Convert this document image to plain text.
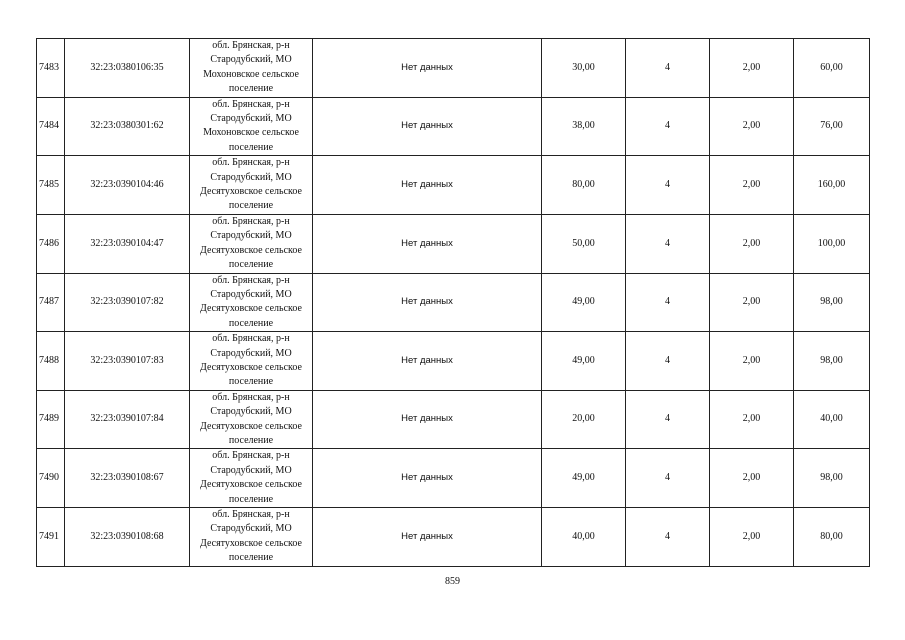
7483	32:23:0380106:35	обл. Брянская, р-н
Стародубский, МО
Мохоновское сельское
поселение	Нет данных	30,00	4	2,00	60,00
7484	32:23:0380301:62	обл. Брянская, р-н
Стародубский, МО
Мохоновское сельское
поселение	Нет данных	38,00	4	2,00	76,00
7485	32:23:0390104:46	обл. Брянская, р-н
Стародубский, МО
Десятуховское сельское
поселение	Нет данных	80,00	4	2,00	160,00
7486	32:23:0390104:47	обл. Брянская, р-н
Стародубский, МО
Десятуховское сельское
поселение	Нет данных	50,00	4	2,00	100,00
7487	32:23:0390107:82	обл. Брянская, р-н
Стародубский, МО
Десятуховское сельское
поселение	Нет данных	49,00	4	2,00	98,00
7488	32:23:0390107:83	обл. Брянская, р-н
Стародубский, МО
Десятуховское сельское
поселение	Нет данных	49,00	4	2,00	98,00
7489	32:23:0390107:84	обл. Брянская, р-н
Стародубский, МО
Десятуховское сельское
поселение	Нет данных	20,00	4	2,00	40,00
7490	32:23:0390108:67	обл. Брянская, р-н
Стародубский, МО
Десятуховское сельское
поселение	Нет данных	49,00	4	2,00	98,00
7491	32:23:0390108:68	обл. Брянская, р-н
Стародубский, МО
Десятуховское сельское
поселение	Нет данных	40,00	4	2,00	80,00
859
